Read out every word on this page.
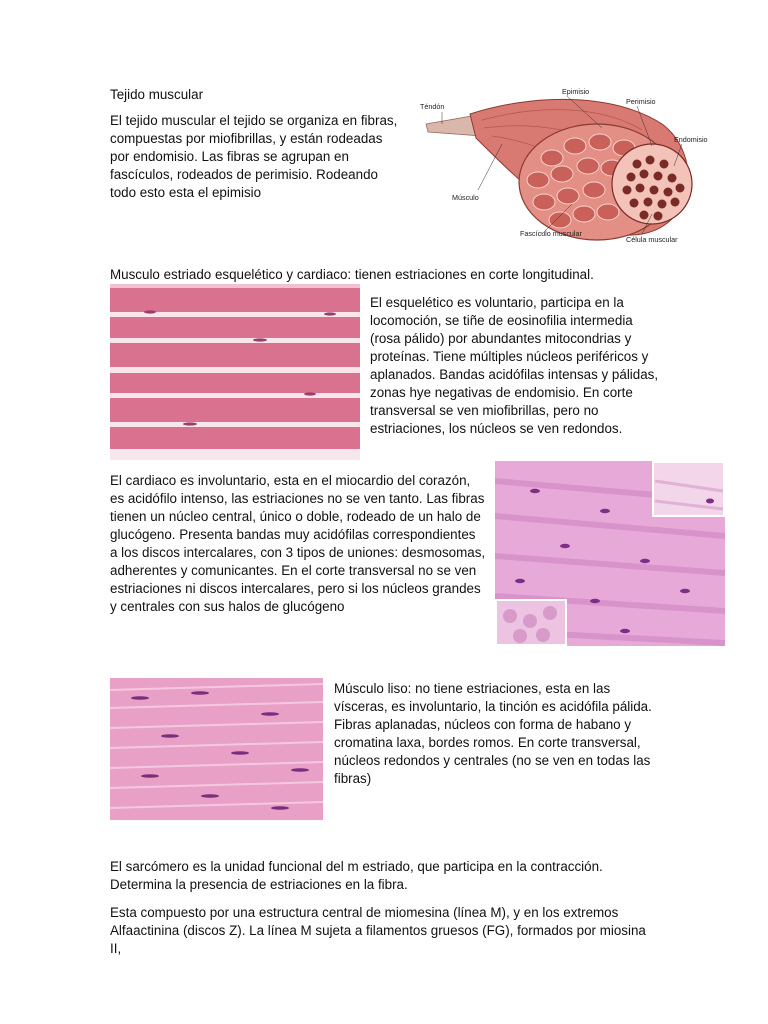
Tejido muscular

El tejido muscular el tejido se organiza en fibras, compuestas por miofibrillas, y están rodeadas por endomisio. Las fibras se agrupan en fascículos, rodeados de perimisio. Rodeando todo esto esta el epimisio

Téndón
Epimisio
Perimisio
Endomisio
Músculo
Fascículo muscular
Célula muscular

Musculo estriado esquelético y cardiaco: tienen estriaciones en corte longitudinal.

El esquelético es voluntario, participa en la locomoción, se tiñe de eosinofilia intermedia (rosa pálido) por abundantes mitocondrias y proteínas. Tiene múltiples núcleos periféricos y aplanados. Bandas acidófilas intensas y pálidas, zonas hye negativas de endomisio. En corte transversal se ven miofibrillas, pero no estriaciones, los núcleos se ven redondos.

El cardiaco es involuntario, esta en el miocardio del corazón, es acidófilo intenso, las estriaciones no se ven tanto. Las fibras tienen un núcleo central, único o doble, rodeado de un halo de glucógeno. Presenta bandas muy acidófilas correspondientes a los discos intercalares, con 3 tipos de uniones: desmosomas, adherentes y comunicantes. En el corte transversal no se ven estriaciones ni discos intercalares, pero si los núcleos grandes y centrales con sus halos de glucógeno

Músculo liso: no tiene estriaciones, esta en las vísceras, es involuntario, la tinción es acidófila pálida. Fibras aplanadas, núcleos con forma de habano y cromatina laxa, bordes romos. En corte transversal, núcleos redondos y centrales (no se ven en todas las fibras)

El sarcómero es la unidad funcional del m estriado, que participa en la contracción. Determina la presencia de estriaciones en la fibra.

Esta compuesto por una estructura central de miomesina (línea M), y en los extremos Alfaactinina (discos Z). La línea M sujeta a filamentos gruesos (FG), formados por miosina II,
